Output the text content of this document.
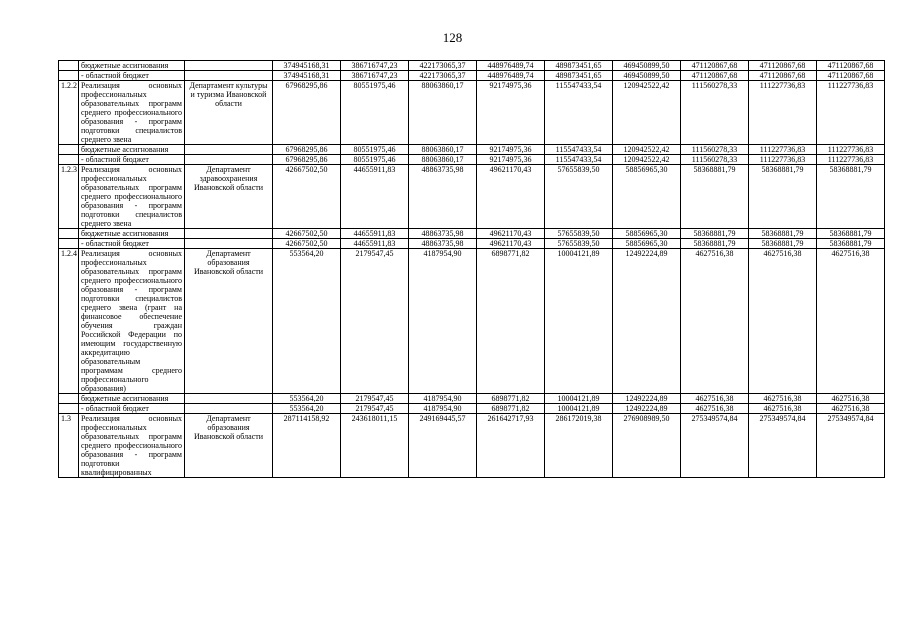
128
	бюджетные ассигнования		374945168,31	386716747,23	422173065,37	448976489,74	489873451,65	469450899,50	471120867,68	471120867,68	471120867,68
	- областной бюджет		374945168,31	386716747,23	422173065,37	448976489,74	489873451,65	469450899,50	471120867,68	471120867,68	471120867,68
1.2.2	Реализация основных профессиональных образовательных программ среднего профессионального образования - программ подготовки специалистов среднего звена	Департамент культуры и туризма Ивановской области	67968295,86	80551975,46	88063860,17	92174975,36	115547433,54	120942522,42	111560278,33	111227736,83	111227736,83
	бюджетные ассигнования		67968295,86	80551975,46	88063860,17	92174975,36	115547433,54	120942522,42	111560278,33	111227736,83	111227736,83
	- областной бюджет		67968295,86	80551975,46	88063860,17	92174975,36	115547433,54	120942522,42	111560278,33	111227736,83	111227736,83
1.2.3	Реализация основных профессиональных образовательных программ среднего профессионального образования - программ подготовки специалистов среднего звена	Департамент здравоохранения Ивановской области	42667502,50	44655911,83	48863735,98	49621170,43	57655839,50	58856965,30	58368881,79	58368881,79	58368881,79
	бюджетные ассигнования		42667502,50	44655911,83	48863735,98	49621170,43	57655839,50	58856965,30	58368881,79	58368881,79	58368881,79
	- областной бюджет		42667502,50	44655911,83	48863735,98	49621170,43	57655839,50	58856965,30	58368881,79	58368881,79	58368881,79
1.2.4	Реализация основных профессиональных образовательных программ среднего профессионального образования - программ подготовки специалистов среднего звена (грант на финансовое обеспечение обучения граждан Российской Федерации по имеющим государственную аккредитацию образовательным программам среднего профессионального образования)	Департамент образования Ивановской области	553564,20	2179547,45	4187954,90	6898771,82	10004121,89	12492224,89	4627516,38	4627516,38	4627516,38
	бюджетные ассигнования		553564,20	2179547,45	4187954,90	6898771,82	10004121,89	12492224,89	4627516,38	4627516,38	4627516,38
	- областной бюджет		553564,20	2179547,45	4187954,90	6898771,82	10004121,89	12492224,89	4627516,38	4627516,38	4627516,38
1.3	Реализация основных профессиональных образовательных программ среднего профессионального образования - программ подготовки квалифицированных	Департамент образования Ивановской области	287114158,92	243618011,15	249169445,57	261642717,93	286172019,38	276908989,50	275349574,84	275349574,84	275349574,84
